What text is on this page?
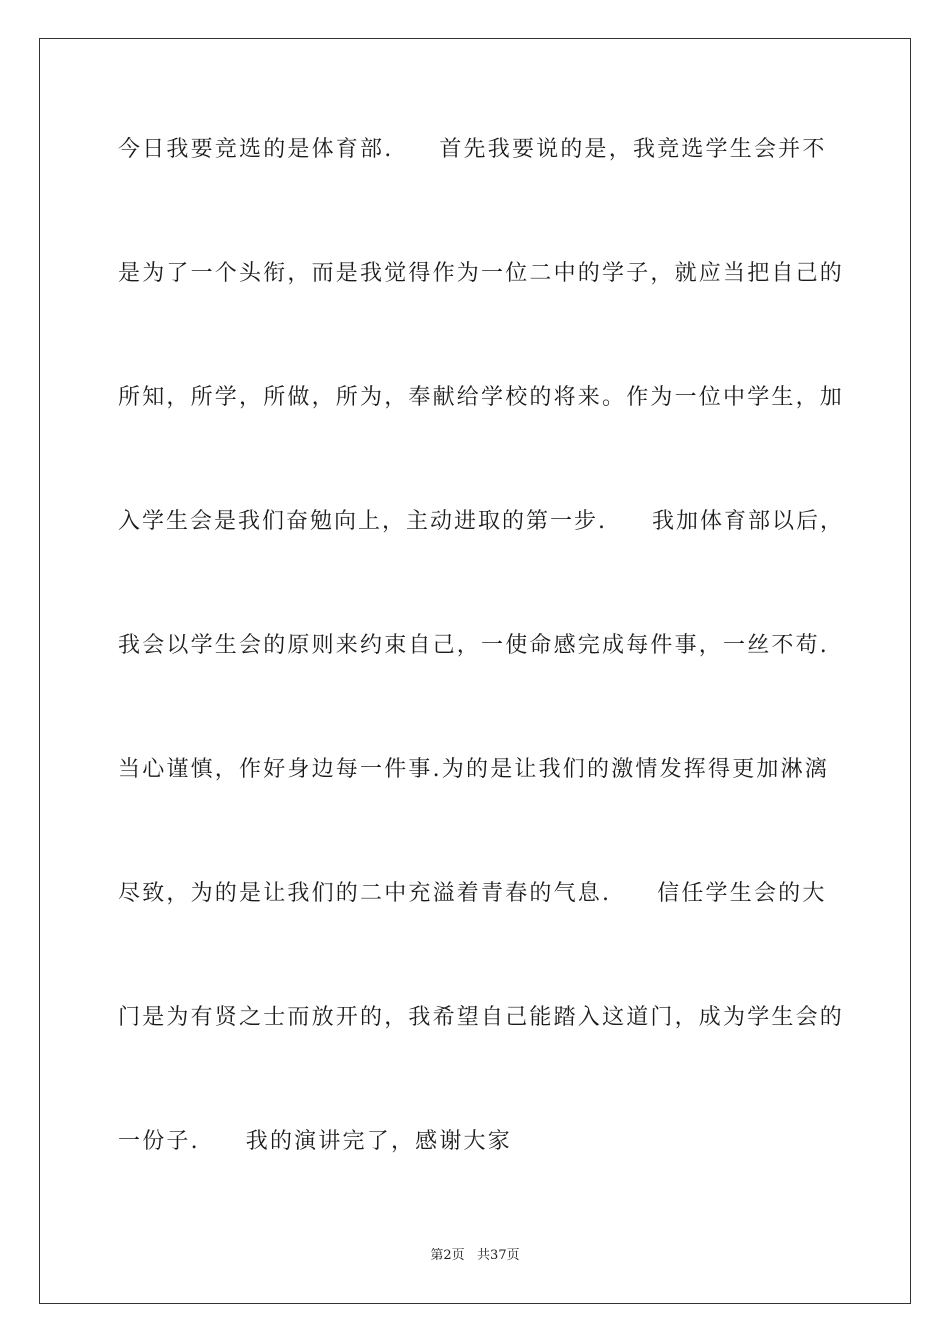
今日我要竞选的是体育部.     首先我要说的是，我竞选学生会并不
是为了一个头衔，而是我觉得作为一位二中的学子，就应当把自己的
所知，所学，所做，所为，奉献给学校的将来。作为一位中学生，加
入学生会是我们奋勉向上，主动进取的第一步.     我加体育部以后，
我会以学生会的原则来约束自己，一使命感完成每件事，一丝不苟.
当心谨慎，作好身边每一件事.为的是让我们的激情发挥得更加淋漓
尽致，为的是让我们的二中充溢着青春的气息.     信任学生会的大
门是为有贤之士而放开的，我希望自己能踏入这道门，成为学生会的
一份子.     我的演讲完了，感谢大家
第2页   共37页
